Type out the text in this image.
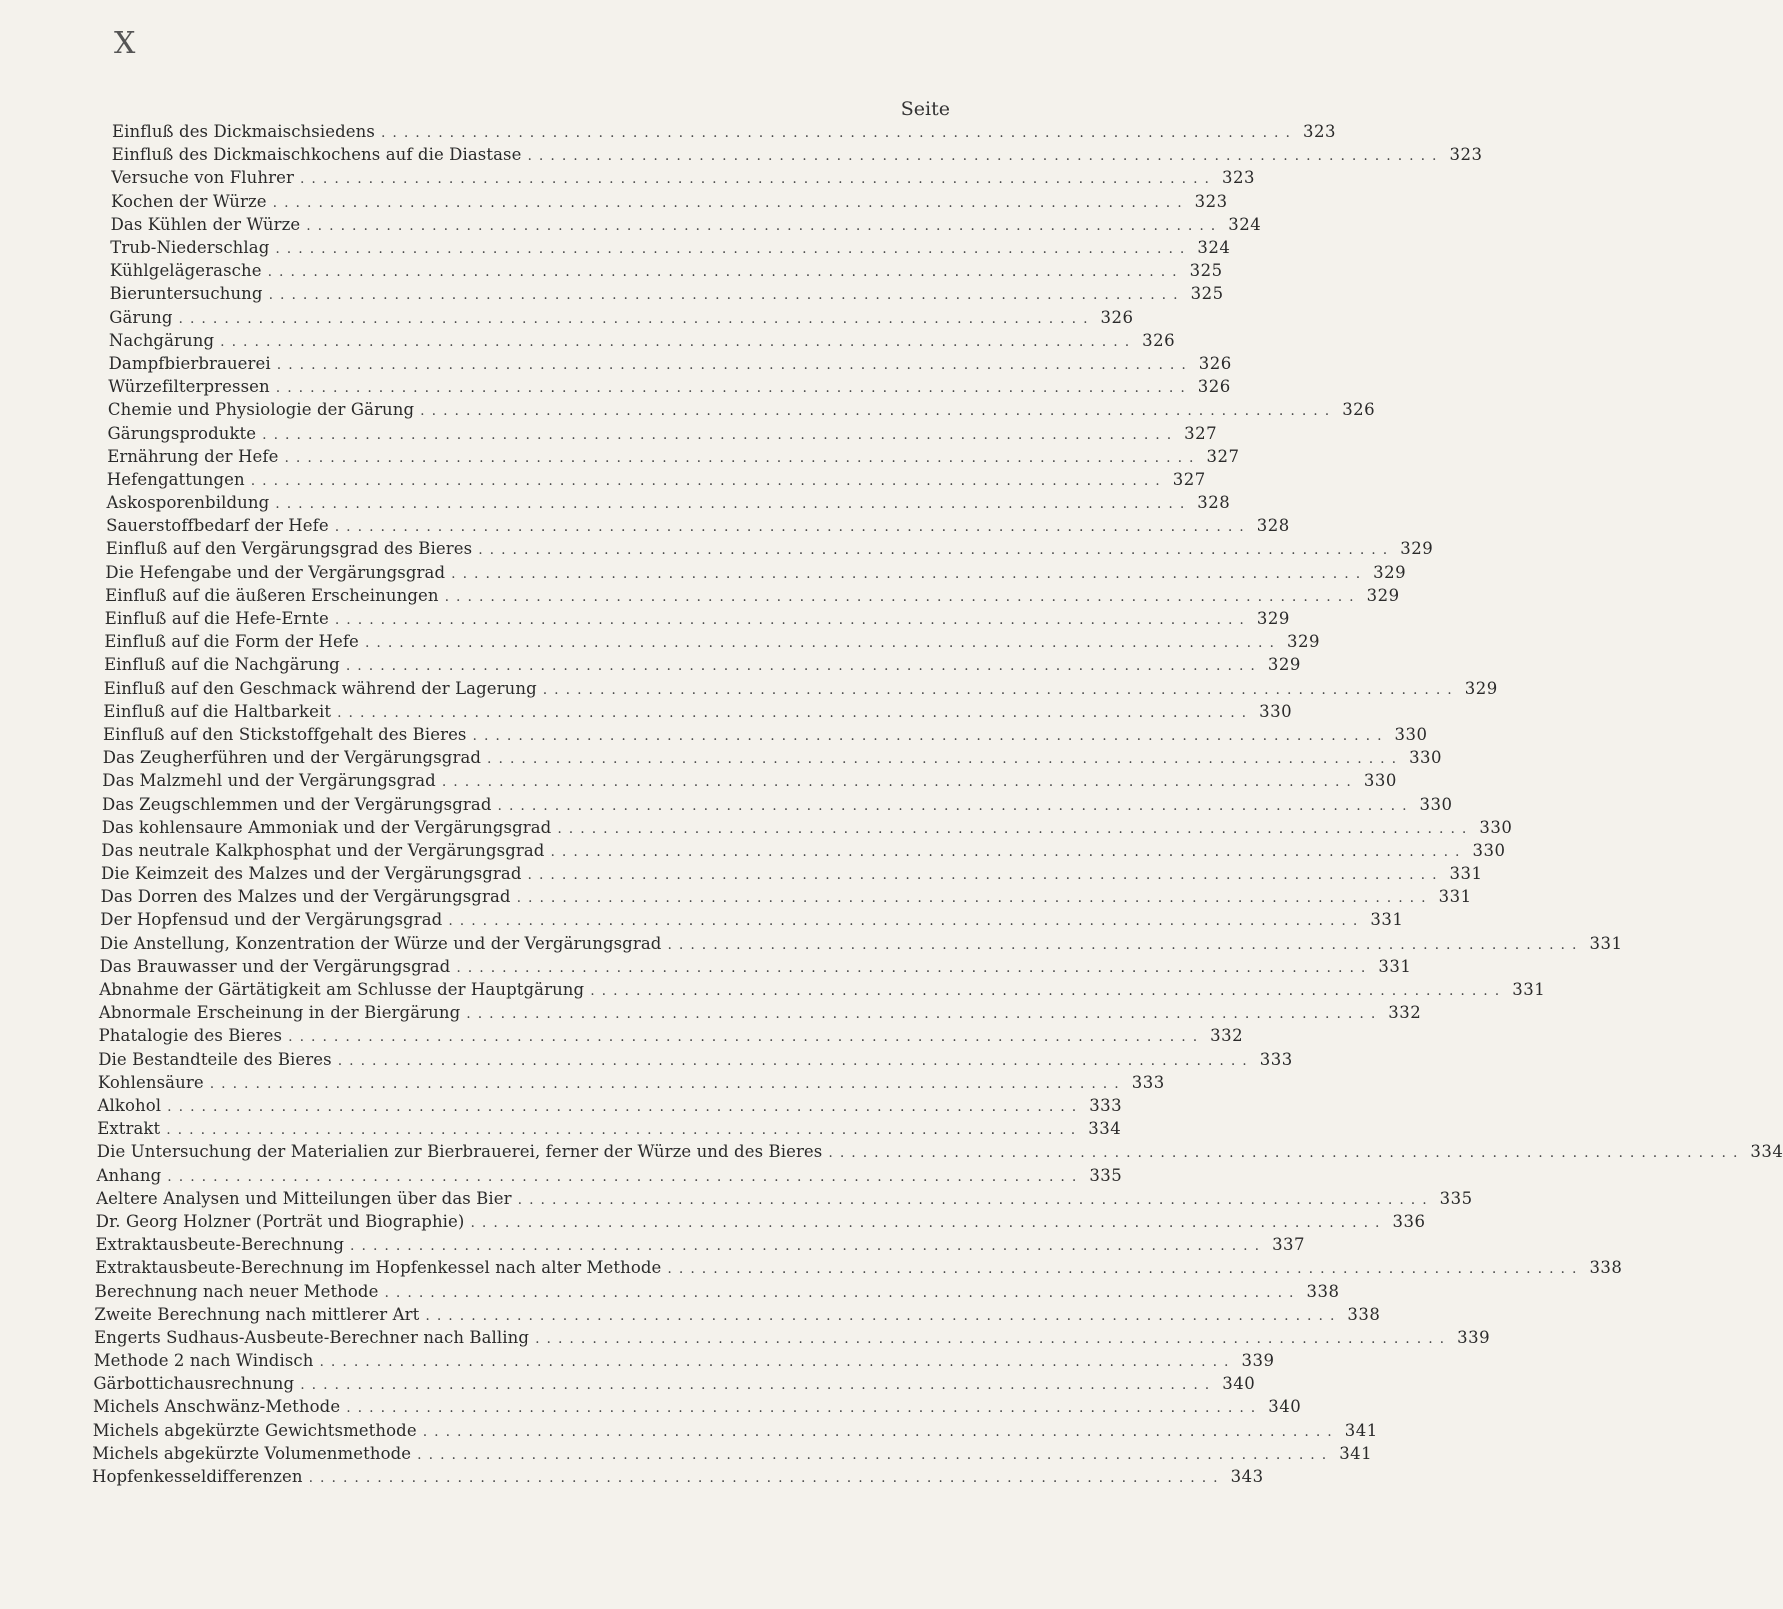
X
Seite
Einfluß des Dickmaischsiedens ................................................................................ 323
Einfluß des Dickmaischkochens auf die Diastase ................................................................................ 323
Versuche von Fluhrer ................................................................................ 323
Kochen der Würze ................................................................................ 323
Das Kühlen der Würze ................................................................................ 324
Trub-Niederschlag ................................................................................ 324
Kühlgelägerasche ................................................................................ 325
Bieruntersuchung ................................................................................ 325
Gärung ................................................................................ 326
Nachgärung ................................................................................ 326
Dampfbierbrauerei ................................................................................ 326
Würzefilterpressen ................................................................................ 326
Chemie und Physiologie der Gärung ................................................................................ 326
Gärungsprodukte ................................................................................ 327
Ernährung der Hefe ................................................................................ 327
Hefengattungen ................................................................................ 327
Askosporenbildung ................................................................................ 328
Sauerstoffbedarf der Hefe ................................................................................ 328
Einfluß auf den Vergärungsgrad des Bieres ................................................................................ 329
Die Hefengabe und der Vergärungsgrad ................................................................................ 329
Einfluß auf die äußeren Erscheinungen ................................................................................ 329
Einfluß auf die Hefe-Ernte ................................................................................ 329
Einfluß auf die Form der Hefe ................................................................................ 329
Einfluß auf die Nachgärung ................................................................................ 329
Einfluß auf den Geschmack während der Lagerung ................................................................................ 329
Einfluß auf die Haltbarkeit ................................................................................ 330
Einfluß auf den Stickstoffgehalt des Bieres ................................................................................ 330
Das Zeugherführen und der Vergärungsgrad ................................................................................ 330
Das Malzmehl und der Vergärungsgrad ................................................................................ 330
Das Zeugschlemmen und der Vergärungsgrad ................................................................................ 330
Das kohlensaure Ammoniak und der Vergärungsgrad ................................................................................ 330
Das neutrale Kalkphosphat und der Vergärungsgrad ................................................................................ 330
Die Keimzeit des Malzes und der Vergärungsgrad ................................................................................ 331
Das Dorren des Malzes und der Vergärungsgrad ................................................................................ 331
Der Hopfensud und der Vergärungsgrad ................................................................................ 331
Die Anstellung, Konzentration der Würze und der Vergärungsgrad ................................................................................ 331
Das Brauwasser und der Vergärungsgrad ................................................................................ 331
Abnahme der Gärtätigkeit am Schlusse der Hauptgärung ................................................................................ 331
Abnormale Erscheinung in der Biergärung ................................................................................ 332
Phatalogie des Bieres ................................................................................ 332
Die Bestandteile des Bieres ................................................................................ 333
Kohlensäure ................................................................................ 333
Alkohol ................................................................................ 333
Extrakt ................................................................................ 334
Die Untersuchung der Materialien zur Bierbrauerei, ferner der Würze und des Bieres ................................................................................ 334
Anhang ................................................................................ 335
Aeltere Analysen und Mitteilungen über das Bier ................................................................................ 335
Dr. Georg Holzner (Porträt und Biographie) ................................................................................ 336
Extraktausbeute-Berechnung ................................................................................ 337
Extraktausbeute-Berechnung im Hopfenkessel nach alter Methode ................................................................................ 338
Berechnung nach neuer Methode ................................................................................ 338
Zweite Berechnung nach mittlerer Art ................................................................................ 338
Engerts Sudhaus-Ausbeute-Berechner nach Balling ................................................................................ 339
Methode 2 nach Windisch ................................................................................ 339
Gärbottichausrechnung ................................................................................ 340
Michels Anschwänz-Methode ................................................................................ 340
Michels abgekürzte Gewichtsmethode ................................................................................ 341
Michels abgekürzte Volumenmethode ................................................................................ 341
Hopfenkesseldifferenzen ................................................................................ 343
